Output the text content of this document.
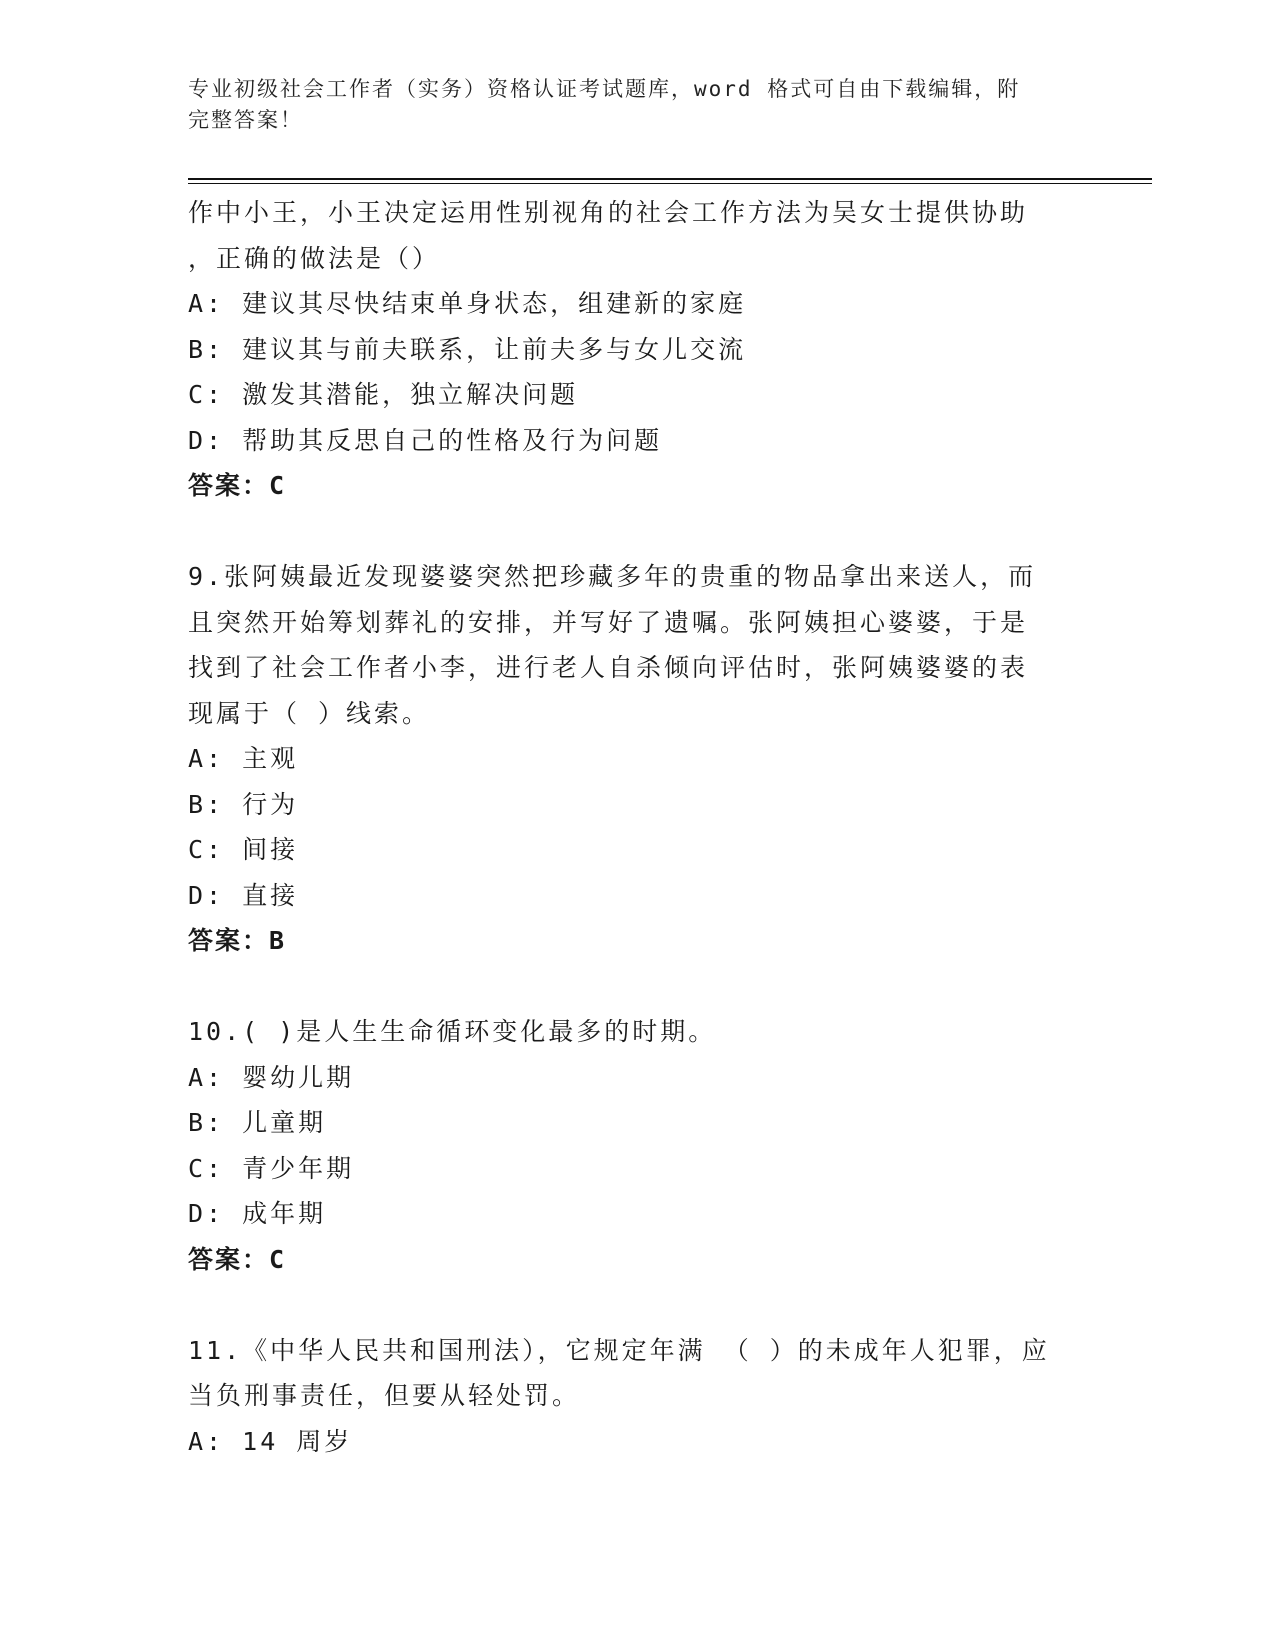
专业初级社会工作者（实务）资格认证考试题库，word 格式可自由下载编辑，附
完整答案！
作中小王，小王决定运用性别视角的社会工作方法为吴女士提供协助
，正确的做法是（）
A: 建议其尽快结束单身状态，组建新的家庭
B: 建议其与前夫联系，让前夫多与女儿交流
C: 激发其潜能，独立解决问题
D: 帮助其反思自己的性格及行为问题
答案：C
9.张阿姨最近发现婆婆突然把珍藏多年的贵重的物品拿出来送人，而
且突然开始筹划葬礼的安排，并写好了遗嘱。张阿姨担心婆婆，于是
找到了社会工作者小李，进行老人自杀倾向评估时，张阿姨婆婆的表
现属于（ ）线索。
A: 主观
B: 行为
C: 间接
D: 直接
答案：B
10.( )是人生生命循环变化最多的时期。
A: 婴幼儿期
B: 儿童期
C: 青少年期
D: 成年期
答案：C
11.《中华人民共和国刑法），它规定年满 （ ）的未成年人犯罪，应
当负刑事责任，但要从轻处罚。
A: 14 周岁
